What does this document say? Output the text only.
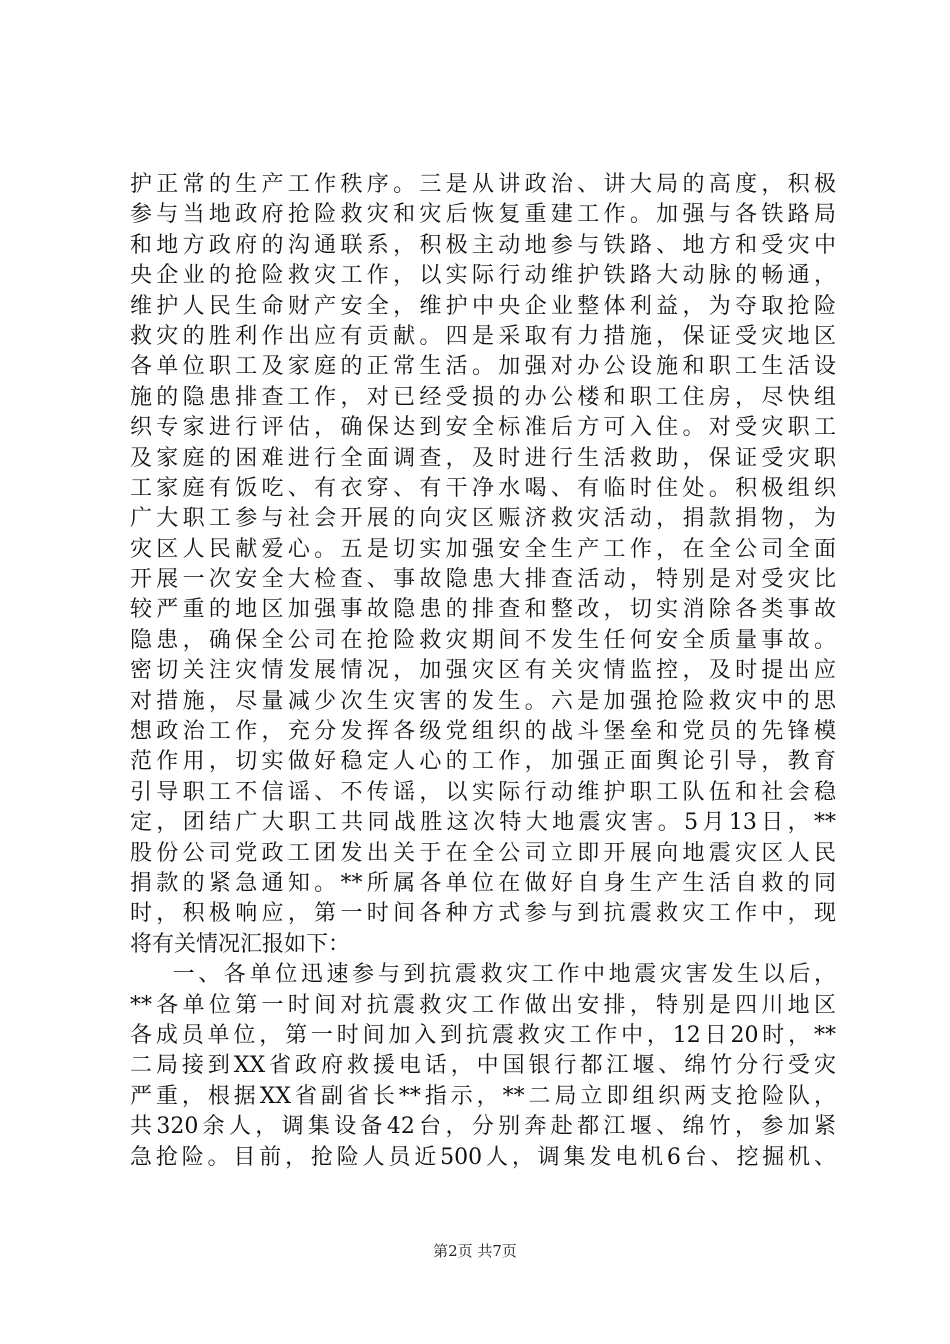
护正常的生产工作秩序。三是从讲政治、讲大局的高度，积极
参与当地政府抢险救灾和灾后恢复重建工作。加强与各铁路局
和地方政府的沟通联系，积极主动地参与铁路、地方和受灾中
央企业的抢险救灾工作，以实际行动维护铁路大动脉的畅通，
维护人民生命财产安全，维护中央企业整体利益，为夺取抢险
救灾的胜利作出应有贡献。四是采取有力措施，保证受灾地区
各单位职工及家庭的正常生活。加强对办公设施和职工生活设
施的隐患排查工作，对已经受损的办公楼和职工住房，尽快组
织专家进行评估，确保达到安全标准后方可入住。对受灾职工
及家庭的困难进行全面调查，及时进行生活救助，保证受灾职
工家庭有饭吃、有衣穿、有干净水喝、有临时住处。积极组织
广大职工参与社会开展的向灾区赈济救灾活动，捐款捐物，为
灾区人民献爱心。五是切实加强安全生产工作，在全公司全面
开展一次安全大检查、事故隐患大排查活动，特别是对受灾比
较严重的地区加强事故隐患的排查和整改，切实消除各类事故
隐患，确保全公司在抢险救灾期间不发生任何安全质量事故。
密切关注灾情发展情况，加强灾区有关灾情监控，及时提出应
对措施，尽量减少次生灾害的发生。六是加强抢险救灾中的思
想政治工作，充分发挥各级党组织的战斗堡垒和党员的先锋模
范作用，切实做好稳定人心的工作，加强正面舆论引导，教育
引导职工不信谣、不传谣，以实际行动维护职工队伍和社会稳
定，团结广大职工共同战胜这次特大地震灾害。5月13日，**
股份公司党政工团发出关于在全公司立即开展向地震灾区人民
捐款的紧急通知。**所属各单位在做好自身生产生活自救的同
时，积极响应，第一时间各种方式参与到抗震救灾工作中，现
将有关情况汇报如下：
一、各单位迅速参与到抗震救灾工作中地震灾害发生以后，
**各单位第一时间对抗震救灾工作做出安排，特别是四川地区
各成员单位，第一时间加入到抗震救灾工作中，12日20时，**
二局接到XX省政府救援电话，中国银行都江堰、绵竹分行受灾
严重，根据XX省副省长**指示，**二局立即组织两支抢险队，
共320余人，调集设备42台，分别奔赴都江堰、绵竹，参加紧
急抢险。目前，抢险人员近500人，调集发电机6台、挖掘机、
第2页 共7页
